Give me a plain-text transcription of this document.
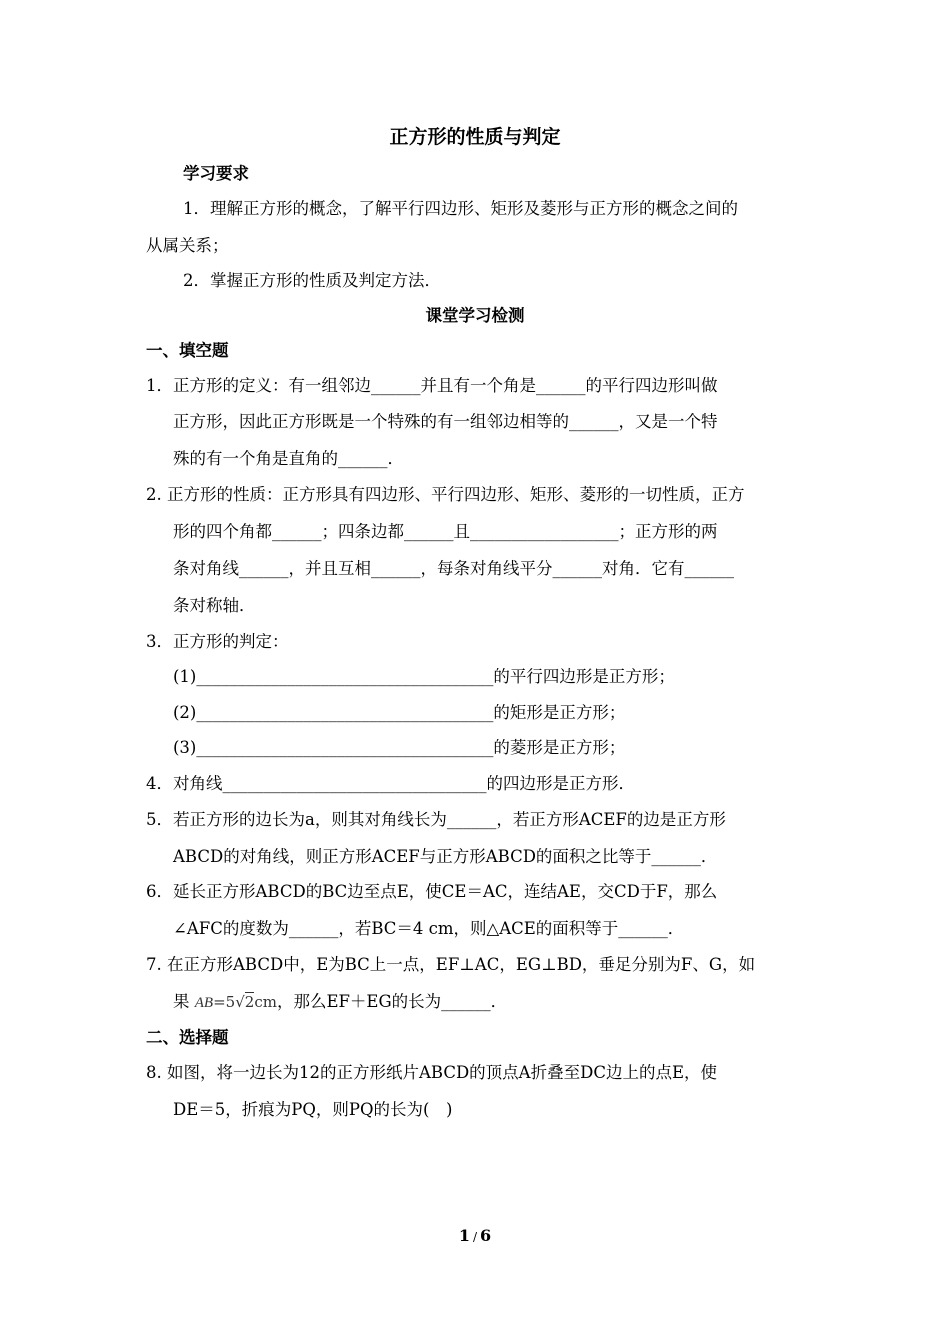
正方形的性质与判定
学习要求
1．理解正方形的概念，了解平行四边形、矩形及菱形与正方形的概念之间的
从属关系；
2．掌握正方形的性质及判定方法．
课堂学习检测
一、填空题
1．正方形的定义：有一组邻边______并且有一个角是______的平行四边形叫做
正方形，因此正方形既是一个特殊的有一组邻边相等的______，又是一个特
殊的有一个角是直角的______．
2. 正方形的性质：正方形具有四边形、平行四边形、矩形、菱形的一切性质，正方
形的四个角都______；四条边都______且__________________；正方形的两
条对角线______，并且互相______，每条对角线平分______对角．它有______
条对称轴．
3．正方形的判定：
(1)____________________________________的平行四边形是正方形；
(2)____________________________________的矩形是正方形；
(3)____________________________________的菱形是正方形；
4．对角线________________________________的四边形是正方形．
5．若正方形的边长为a，则其对角线长为______，若正方形ACEF的边是正方形
ABCD的对角线，则正方形ACEF与正方形ABCD的面积之比等于______．
6．延长正方形ABCD的BC边至点E，使CE＝AC，连结AE，交CD于F，那么
∠AFC的度数为______，若BC＝4 cm，则△ACE的面积等于______．
7. 在正方形ABCD中，E为BC上一点，EF⊥AC，EG⊥BD，垂足分别为F、G，如
果 AB=5√2cm，那么EF＋EG的长为______．
二、选择题
8. 如图，将一边长为12的正方形纸片ABCD的顶点A折叠至DC边上的点E，使
DE＝5，折痕为PQ，则PQ的长为(　)
1 / 6
